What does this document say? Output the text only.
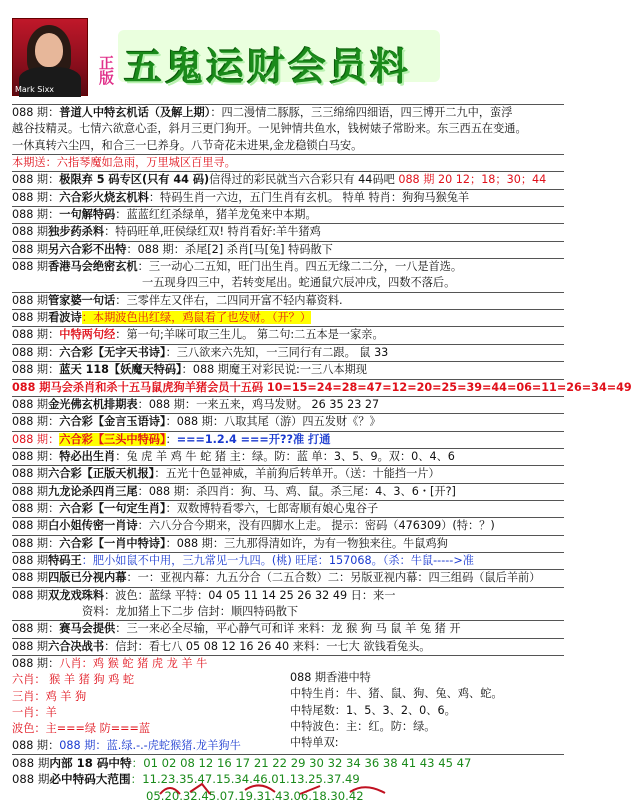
Mark Sixx
正版 五鬼运财会员料
088 期：普道人中特玄机话（及解上期）：四二漫情二豚豚，三三绵绵四细语，四三博开二九中，蛮浮
越谷技精灵。七情六欲意心歪，斜月三更门狗开。一见钟情共鱼水，钱树婊子常盼来。东三西五在变通。
一休真转六尘四，和合三一巳养身。八节奇花未进果,金龙稳锁白马安。
本期送：六指琴魔如急雨，万里城区百里寻。
088 期：极限弃 5 码专区(只有 44 码)信得过的彩民就当六合彩只有 44码吧 088 期 20 12；18；30；44
088 期：六合彩火烧玄机料：特码生肖一六边，五门生肖有玄机。 特单 特肖：狗狗马猴兔羊
088 期：一句解特码：蓝蓝红红杀绿单，猪羊龙兔来中本期。
088 期独步药杀料：特码旺单,旺侯绿红双! 特肖看好:羊牛猪鸡
088 期另六合彩不出特：088 期：杀尾[2] 杀肖[马[兔] 特码散下
088 期香港马会绝密玄机：三一动心二五知，旺门出生肖。四五无缘二二分，一八是首选。
一五现身四三中，若转变尾出。蛇通鼠穴辰冲戌，四数不落后。
088 期管家婆一句话：三零伴左又伴右，二四同开富不轻内幕资料.
088 期看波诗：本期波色出红绿，鸡鼠看了也发财。（开？）
088 期：中特两句经：第一句;羊咪可取三生儿。 第二句:二五本是一家亲。
088 期：六合彩【无字天书诗】：三八欲来六先知，一三同行有二跟。 鼠 33
088 期：蓝天 118【妖魔天特码】：088 期魔王对彩民说:一三八本期现
088 期马会杀肖和杀十五马鼠虎狗羊猪会员十五码 10=15=24=28=47=12=20=25=39=44=06=11=26=34=49
088 期金光佛玄机排期表：088 期：一来五来，鸡马发财。 26 35 23 27
088 期：六合彩【金言玉语诗】：088 期：八取其尾（游）四五发财《？》
088 期：六合彩【三头中特码】：===1.2.4 ===开??准 打通
088 期：特必出生肖：兔 虎 羊 鸡 牛 蛇 猪 主：绿。防：蓝 单：3、5、9。双：0、4、6
088 期六合彩【正版天机报】：五光十色显神威，羊前狗后转单开。（送：十能挡一片）
088 期九龙论杀四肖三尾：088 期：杀四肖：狗、马、鸡、鼠。杀三尾：4、3、6・[开?]
088 期：六合彩【一句定生肖】：双数博特看零六，七郎寄顺有娘心鬼谷子
088 期白小姐传密一肖诗：六八分合今期来，没有四脚水上走。 提示：密码（476309）(特：？)
088 期：六合彩【一肖中特诗】：088 期：三九那得清如许，为有一物独来往。牛鼠鸡狗
088 期特码王：肥小如鼠不中用，三九常见一九四。(桃) 旺尾：157068。（杀：牛鼠----->准
088 期四版已分视内幕：一：亚视内幕：九五分合（二五合数）二：另版亚视内幕：四三组码（鼠后羊前）
088 期双龙戏珠料：波色：蓝绿 平特：04 05 11 14 25 26 32 49 日：来一
资料：龙加猪上下二步 信封：顺四特码散下
088 期：赛马会提供：三一来必全尽输，平心静气可和详 来料：龙 猴 狗 马 鼠 羊 兔 猪 开
088 期六合决战书：信封：看七八 05 08 12 16 26 40 来料：一七大 欲钱看兔头。
088 期：八肖：鸡 猴 蛇 猪 虎 龙 羊 牛
六肖： 猴 羊 猪 狗 鸡 蛇
三肖：鸡 羊 狗
一肖：羊
波色：主===绿 防===蓝
088 期：088 期：蓝.绿.-.-虎蛇猴猪.龙羊狗牛
088 期香港中特
中特生肖：牛、猪、鼠、狗、兔、鸡、蛇。
中特尾数：1、5、3、2、0、6。
中特波色：主：红。防：绿。
中特单双:
088 期内部 18 码中特：01 02 08 12 16 17 21 22 29 30 32 34 36 38 41 43 45 47
088 期必中特码大范围：11.23.35.47.15.34.46.01.13.25.37.49
05.20.32.45.07.19.31.43.06.18.30.42
